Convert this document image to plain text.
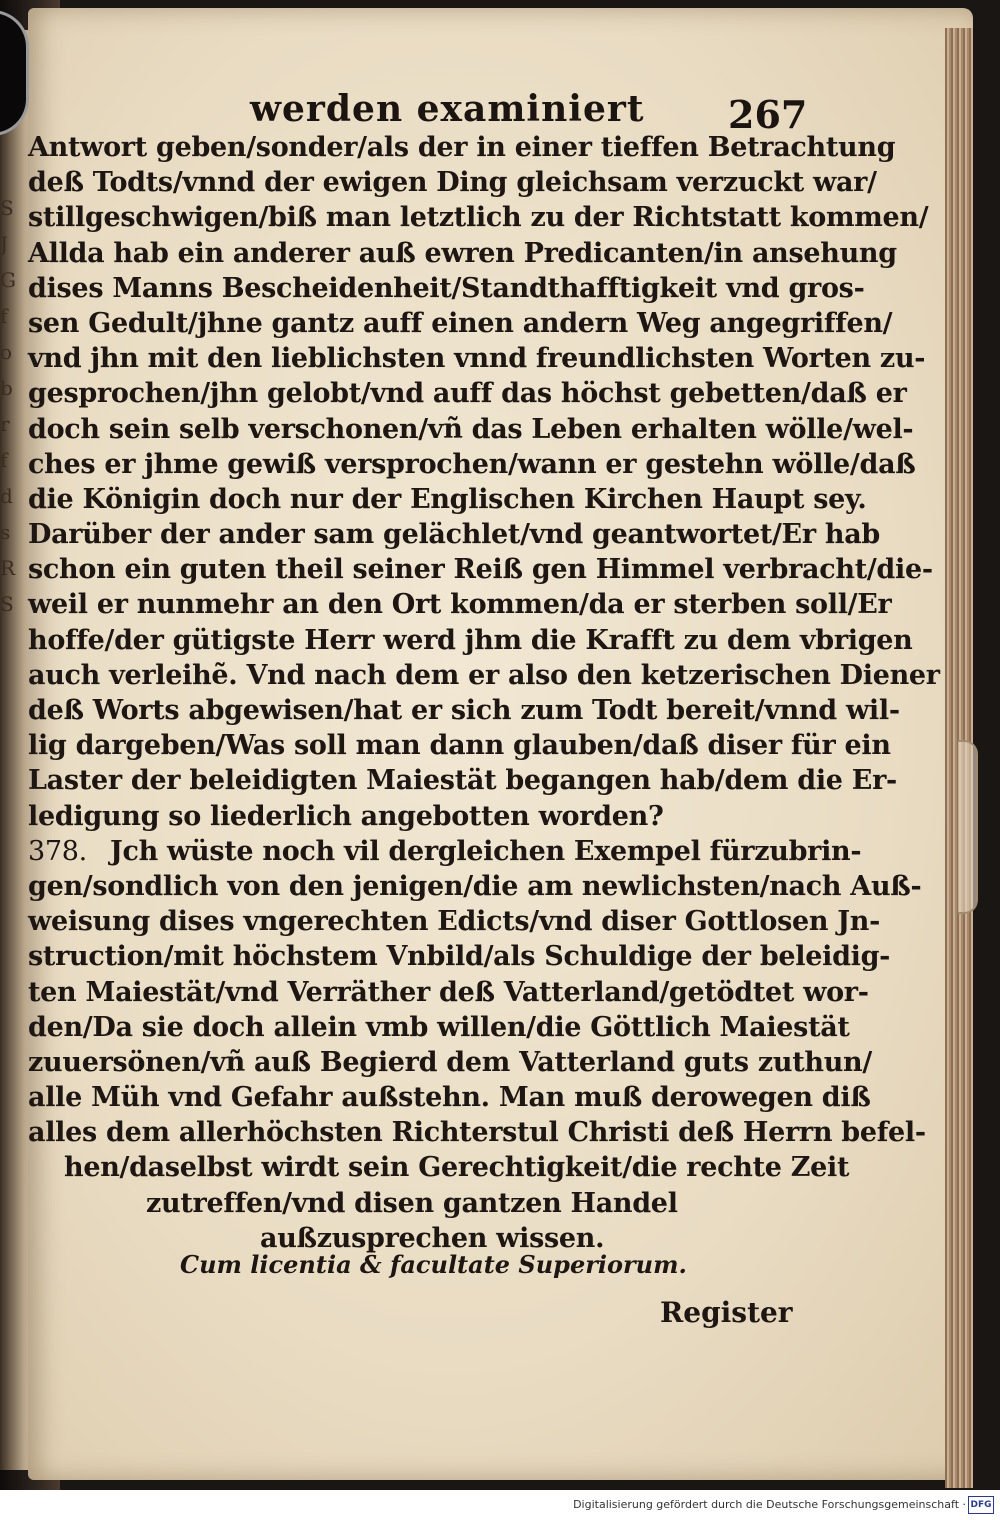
S
J
G
f
o
b
r
f
d
s
R
S
werden examiniert 267
Antwort geben/sonder/als der in einer tieffen Betrachtung
deß Todts/vnnd der ewigen Ding gleichsam verzuckt war/
stillgeschwigen/biß man letztlich zu der Richtstatt kommen/
Allda hab ein anderer auß ewren Predicanten/in ansehung
dises Manns Bescheidenheit/Standthafftigkeit vnd gros-
sen Gedult/jhne gantz auff einen andern Weg angegriffen/
vnd jhn mit den lieblichsten vnnd freundlichsten Worten zu-
gesprochen/jhn gelobt/vnd auff das höchst gebetten/daß er
doch sein selb verschonen/vñ das Leben erhalten wölle/wel-
ches er jhme gewiß versprochen/wann er gestehn wölle/daß
die Königin doch nur der Englischen Kirchen Haupt sey.
Darüber der ander sam gelächlet/vnd geantwortet/Er hab
schon ein guten theil seiner Reiß gen Himmel verbracht/die-
weil er nunmehr an den Ort kommen/da er sterben soll/Er
hoffe/der gütigste Herr werd jhm die Krafft zu dem vbrigen
auch verleihẽ. Vnd nach dem er also den ketzerischen Diener
deß Worts abgewisen/hat er sich zum Todt bereit/vnnd wil-
lig dargeben/Was soll man dann glauben/daß diser für ein
Laster der beleidigten Maiestät begangen hab/dem die Er-
ledigung so liederlich angebotten worden?
378. Jch wüste noch vil dergleichen Exempel fürzubrin-
gen/sondlich von den jenigen/die am newlichsten/nach Auß-
weisung dises vngerechten Edicts/vnd diser Gottlosen Jn-
struction/mit höchstem Vnbild/als Schuldige der beleidig-
ten Maiestät/vnd Verräther deß Vatterland/getödtet wor-
den/Da sie doch allein vmb willen/die Göttlich Maiestät
zuuersönen/vñ auß Begierd dem Vatterland guts zuthun/
alle Müh vnd Gefahr außstehn. Man muß derowegen diß
alles dem allerhöchsten Richterstul Christi deß Herrn befel-
hen/daselbst wirdt sein Gerechtigkeit/die rechte Zeit
zutreffen/vnd disen gantzen Handel
außzusprechen wissen.
Cum licentia & facultate Superiorum.
Register
Digitalisierung gefördert durch die Deutsche Forschungsgemeinschaft · DFG
